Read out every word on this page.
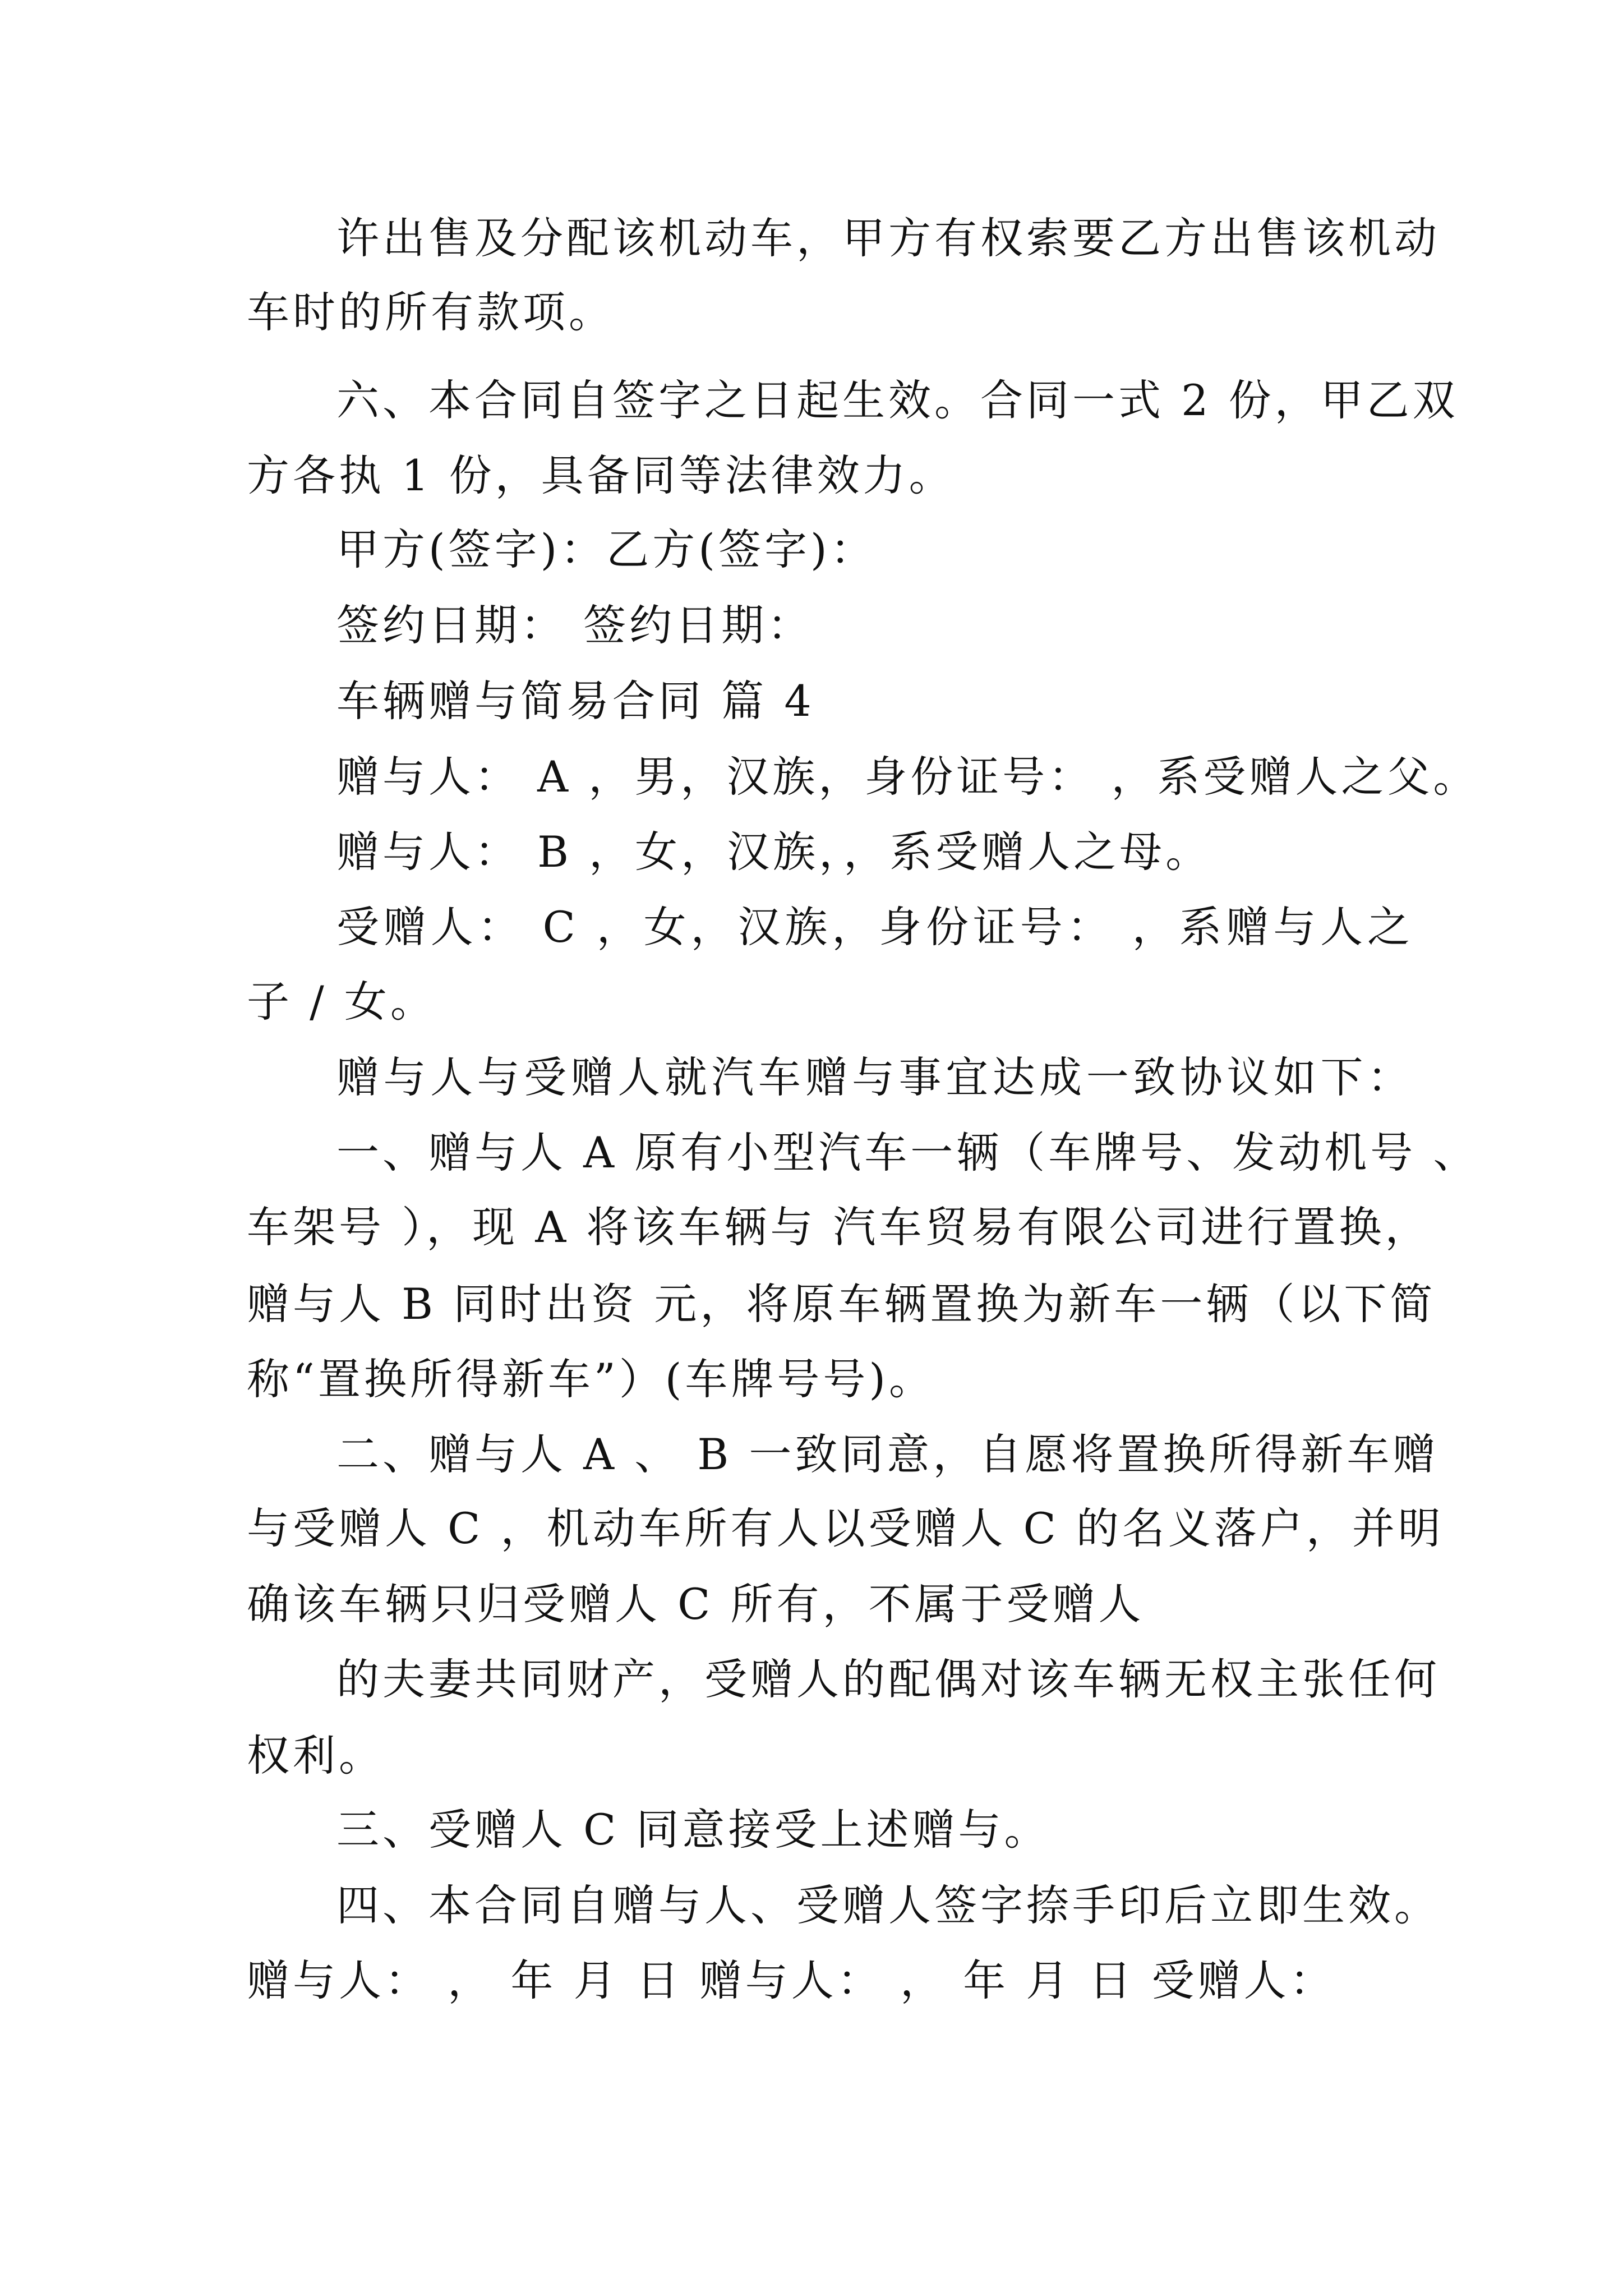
许出售及分配该机动车，甲方有权索要乙方出售该机动
车时的所有款项。
六、本合同自签字之日起生效。合同一式 2 份，甲乙双
方各执 1 份，具备同等法律效力。
甲方(签字)：乙方(签字)：
签约日期： 签约日期：
车辆赠与简易合同 篇 4
赠与人： A ，男，汉族，身份证号： ，系受赠人之父。
赠与人： B ，女，汉族，，系受赠人之母。
受赠人： C ，女，汉族，身份证号： ，系赠与人之
子 / 女。
赠与人与受赠人就汽车赠与事宜达成一致协议如下：
一、赠与人 A 原有小型汽车一辆（车牌号、发动机号 、
车架号 ），现 A 将该车辆与 汽车贸易有限公司进行置换，
赠与人 B 同时出资 元，将原车辆置换为新车一辆（以下简
称“置换所得新车”）(车牌号号)。
二、赠与人 A 、 B 一致同意，自愿将置换所得新车赠
与受赠人 C ，机动车所有人以受赠人 C 的名义落户，并明
确该车辆只归受赠人 C 所有，不属于受赠人
的夫妻共同财产，受赠人的配偶对该车辆无权主张任何
权利。
三、受赠人 C 同意接受上述赠与。
四、本合同自赠与人、受赠人签字捺手印后立即生效。
赠与人： ， 年 月 日 赠与人： ， 年 月 日 受赠人：
